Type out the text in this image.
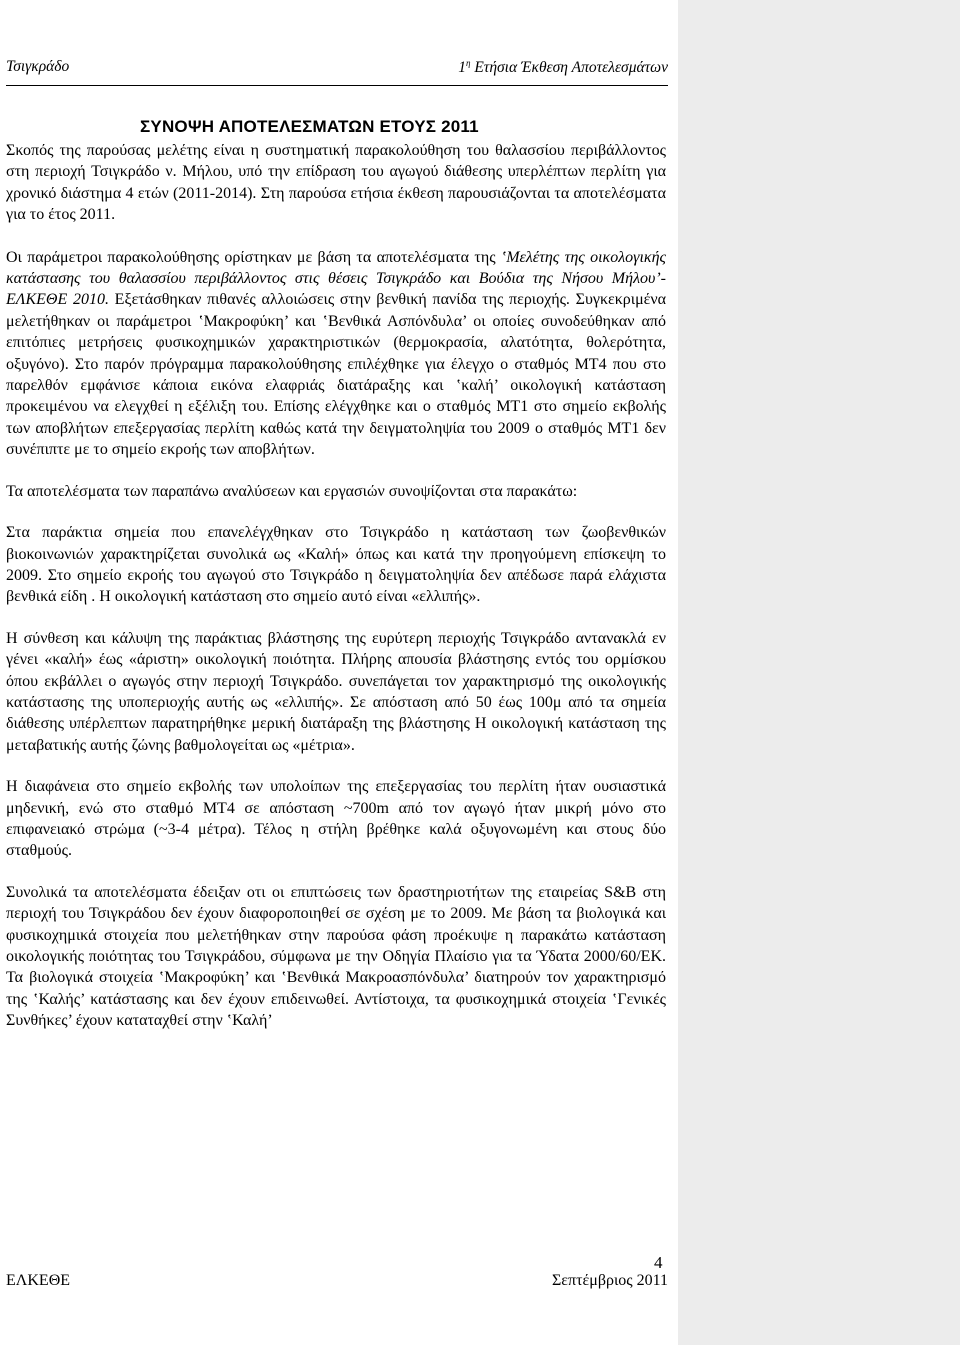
Τσιγκράδο	$1^\eta$ Ετήσια Έκθεση Αποτελεσμάτων
ΣΥΝΟΨΗ ΑΠΟΤΕΛΕΣΜΑΤΩΝ ΕΤΟΥΣ 2011

Σκοπός της παρούσας μελέτης είναι η συστηματική παρακολούθηση του θαλασσίου περιβάλλοντος στη περιοχή Τσιγκράδο ν. Μήλου, υπό την επίδραση του αγωγού διάθεσης υπερλέπτων περλίτη για χρονικό διάστημα 4 ετών (2011-2014). Στη παρούσα ετήσια έκθεση παρουσιάζονται τα αποτελέσματα για το έτος 2011.

Οι παράμετροι παρακολούθησης ορίστηκαν με βάση τα αποτελέσματα της ‛Μελέτης της οικολογικής κατάστασης του θαλασσίου περιβάλλοντος στις θέσεις Τσιγκράδο και Βούδια της Νήσου Μήλου’- ΕΛΚΕΘΕ 2010. Εξετάσθηκαν πιθανές αλλοιώσεις στην βενθική πανίδα της περιοχής. Συγκεκριμένα μελετήθηκαν οι παράμετροι ‛Μακροφύκη’ και ‛Βενθικά Ασπόνδυλα’ οι οποίες συνοδεύθηκαν από επιτόπιες μετρήσεις φυσικοχημικών χαρακτηριστικών (θερμοκρασία, αλατότητα, θολερότητα, οξυγόνο). Στο παρόν πρόγραμμα παρακολούθησης επιλέχθηκε για έλεγχο ο σταθμός ΜΤ4 που στο παρελθόν εμφάνισε κάποια εικόνα ελαφριάς διατάραξης και ‛καλή’ οικολογική κατάσταση προκειμένου να ελεγχθεί η εξέλιξη του. Επίσης ελέγχθηκε και ο σταθμός ΜΤ1 στο σημείο εκβολής των αποβλήτων επεξεργασίας περλίτη καθώς κατά την δειγματοληψία του 2009 ο σταθμός ΜΤ1 δεν συνέπιπτε με το σημείο εκροής των αποβλήτων.

Τα αποτελέσματα των παραπάνω αναλύσεων και εργασιών συνοψίζονται στα παρακάτω:

Στα παράκτια σημεία που επανελέγχθηκαν στο Τσιγκράδο η κατάσταση των ζωοβενθικών βιοκοινωνιών χαρακτηρίζεται συνολικά ως «Καλή» όπως και κατά την προηγούμενη επίσκεψη το 2009. Στο σημείο εκροής του αγωγού στο Τσιγκράδο η δειγματοληψία δεν απέδωσε παρά ελάχιστα βενθικά είδη . Η οικολογική κατάσταση στο σημείο αυτό είναι «ελλιπής».

Η σύνθεση και κάλυψη της παράκτιας βλάστησης της ευρύτερη περιοχής Τσιγκράδο αντανακλά εν γένει «καλή» έως «άριστη» οικολογική ποιότητα. Πλήρης απουσία βλάστησης εντός του ορμίσκου όπου εκβάλλει ο αγωγός στην περιοχή Τσιγκράδο. συνεπάγεται τον χαρακτηρισμό της οικολογικής κατάστασης της υποπεριοχής αυτής ως «ελλιπής». Σε απόσταση από 50 έως 100μ από τα σημεία διάθεσης υπέρλεπτων παρατηρήθηκε μερική διατάραξη της βλάστησης Η οικολογική κατάσταση της μεταβατικής αυτής ζώνης βαθμολογείται ως «μέτρια».

Η διαφάνεια στο σημείο εκβολής των υπολοίπων της επεξεργασίας του περλίτη ήταν ουσιαστικά μηδενική, ενώ στο σταθμό ΜΤ4 σε απόσταση ~700m από τον αγωγό ήταν μικρή μόνο στο επιφανειακό στρώμα (~3-4 μέτρα). Τέλος η στήλη βρέθηκε καλά οξυγονωμένη και στους δύο σταθμούς.

Συνολικά τα αποτελέσματα έδειξαν οτι οι επιπτώσεις των δραστηριοτήτων της εταιρείας S&B στη περιοχή του Τσιγκράδου δεν έχουν διαφοροποιηθεί σε σχέση με το 2009. Με βάση τα βιολογικά και φυσικοχημικά στοιχεία που μελετήθηκαν στην παρούσα φάση προέκυψε η παρακάτω κατάσταση οικολογικής ποιότητας του Τσιγκράδου, σύμφωνα με την Οδηγία Πλαίσιο για τα Ύδατα 2000/60/ΕΚ. Τα βιολογικά στοιχεία ‛Μακροφύκη’ και ‛Βενθικά Μακροασπόνδυλα’ διατηρούν τον χαρακτηρισμό της ‛Καλής’ κατάστασης και δεν έχουν επιδεινωθεί. Αντίστοιχα, τα φυσικοχημικά στοιχεία ‛Γενικές Συνθήκες’ έχουν καταταχθεί στην ‛Καλή’

4
ΕΛΚΕΘΕ	Σεπτέμβριος 2011
